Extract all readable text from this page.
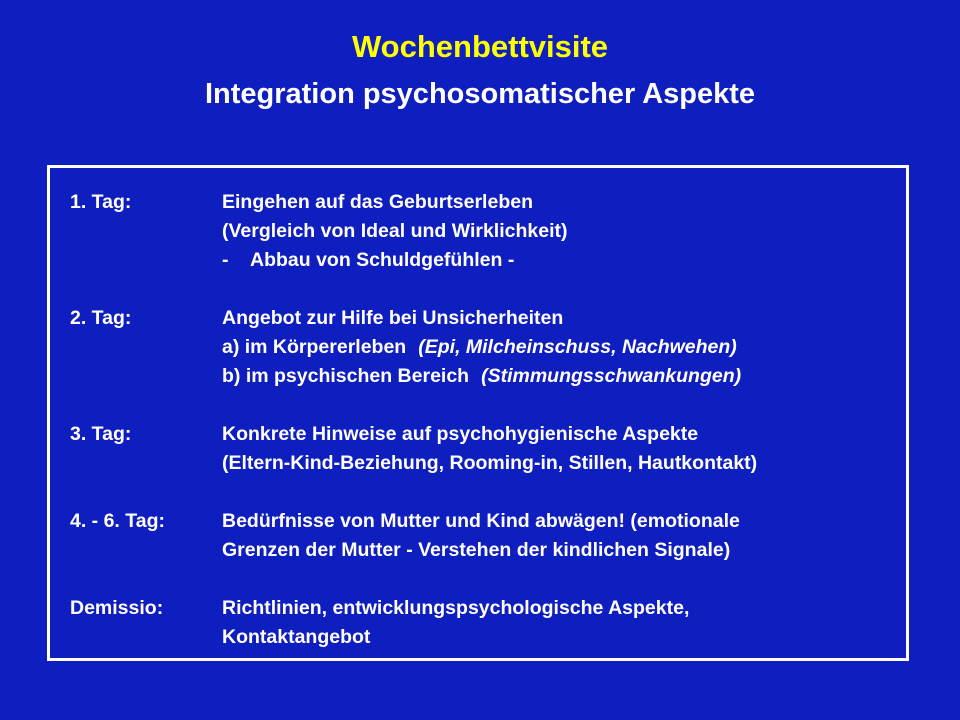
Wochenbettvisite
Integration psychosomatischer Aspekte
1. Tag:	Eingehen auf das Geburtserleben
(Vergleich von Ideal und Wirklichkeit)
- Abbau von Schuldgefühlen -
2. Tag:	Angebot zur Hilfe bei Unsicherheiten
a) im Körpererleben (Epi, Milcheinschuss, Nachwehen)
b) im psychischen Bereich (Stimmungsschwankungen)
3. Tag:	Konkrete Hinweise auf psychohygienische Aspekte
(Eltern-Kind-Beziehung, Rooming-in, Stillen, Hautkontakt)
4. - 6. Tag:	Bedürfnisse von Mutter und Kind abwägen! (emotionale
Grenzen der Mutter - Verstehen der kindlichen Signale)
Demissio:	Richtlinien, entwicklungspsychologische Aspekte,
Kontaktangebot
